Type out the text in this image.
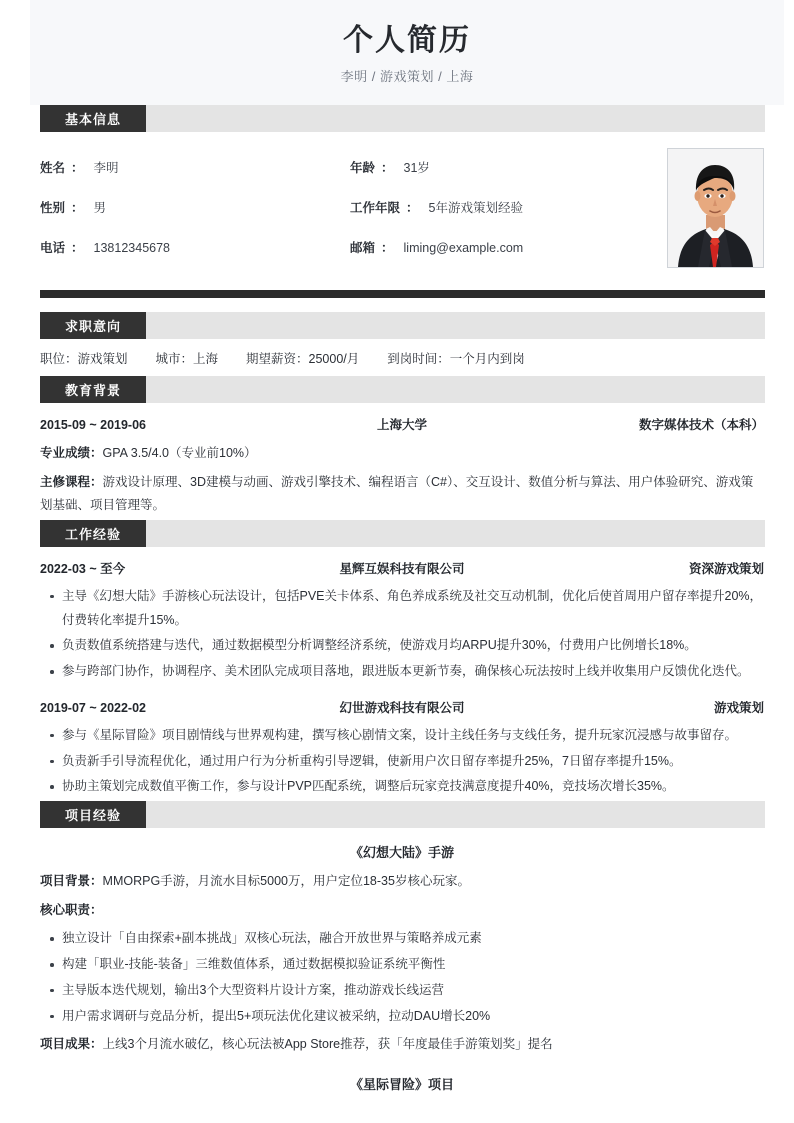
个人简历
李明 / 游戏策划 / 上海
基本信息
姓名 ： 李明	年龄 ： 31岁
性别 ： 男	工作年限 ： 5年游戏策划经验
电话 ： 13812345678	邮箱 ： liming@example.com
求职意向
职位：游戏策划 城市：上海 期望薪资：25000/月 到岗时间：一个月内到岗
教育背景
2015-09 ~ 2019-06	上海大学	数字媒体技术（本科）
专业成绩：GPA 3.5/4.0（专业前10%）
主修课程：游戏设计原理、3D建模与动画、游戏引擎技术、编程语言（C#）、交互设计、数值分析与算法、用户体验研究、游戏策划基础、项目管理等。
工作经验
2022-03 ~ 至今	星辉互娱科技有限公司	资深游戏策划
主导《幻想大陆》手游核心玩法设计，包括PVE关卡体系、角色养成系统及社交互动机制，优化后使首周用户留存率提升20%，付费转化率提升15%。
负责数值系统搭建与迭代，通过数据模型分析调整经济系统，使游戏月均ARPU提升30%，付费用户比例增长18%。
参与跨部门协作，协调程序、美术团队完成项目落地，跟进版本更新节奏，确保核心玩法按时上线并收集用户反馈优化迭代。
2019-07 ~ 2022-02	幻世游戏科技有限公司	游戏策划
参与《星际冒险》项目剧情线与世界观构建，撰写核心剧情文案，设计主线任务与支线任务，提升玩家沉浸感与故事留存。
负责新手引导流程优化，通过用户行为分析重构引导逻辑，使新用户次日留存率提升25%，7日留存率提升15%。
协助主策划完成数值平衡工作，参与设计PVP匹配系统，调整后玩家竞技满意度提升40%，竞技场次增长35%。
项目经验
《幻想大陆》手游
项目背景：MMORPG手游，月流水目标5000万，用户定位18-35岁核心玩家。
核心职责：
独立设计「自由探索+副本挑战」双核心玩法，融合开放世界与策略养成元素
构建「职业-技能-装备」三维数值体系，通过数据模拟验证系统平衡性
主导版本迭代规划，输出3个大型资料片设计方案，推动游戏长线运营
用户需求调研与竞品分析，提出5+项玩法优化建议被采纳，拉动DAU增长20%
项目成果：上线3个月流水破亿，核心玩法被App Store推荐，获「年度最佳手游策划奖」提名
《星际冒险》项目
